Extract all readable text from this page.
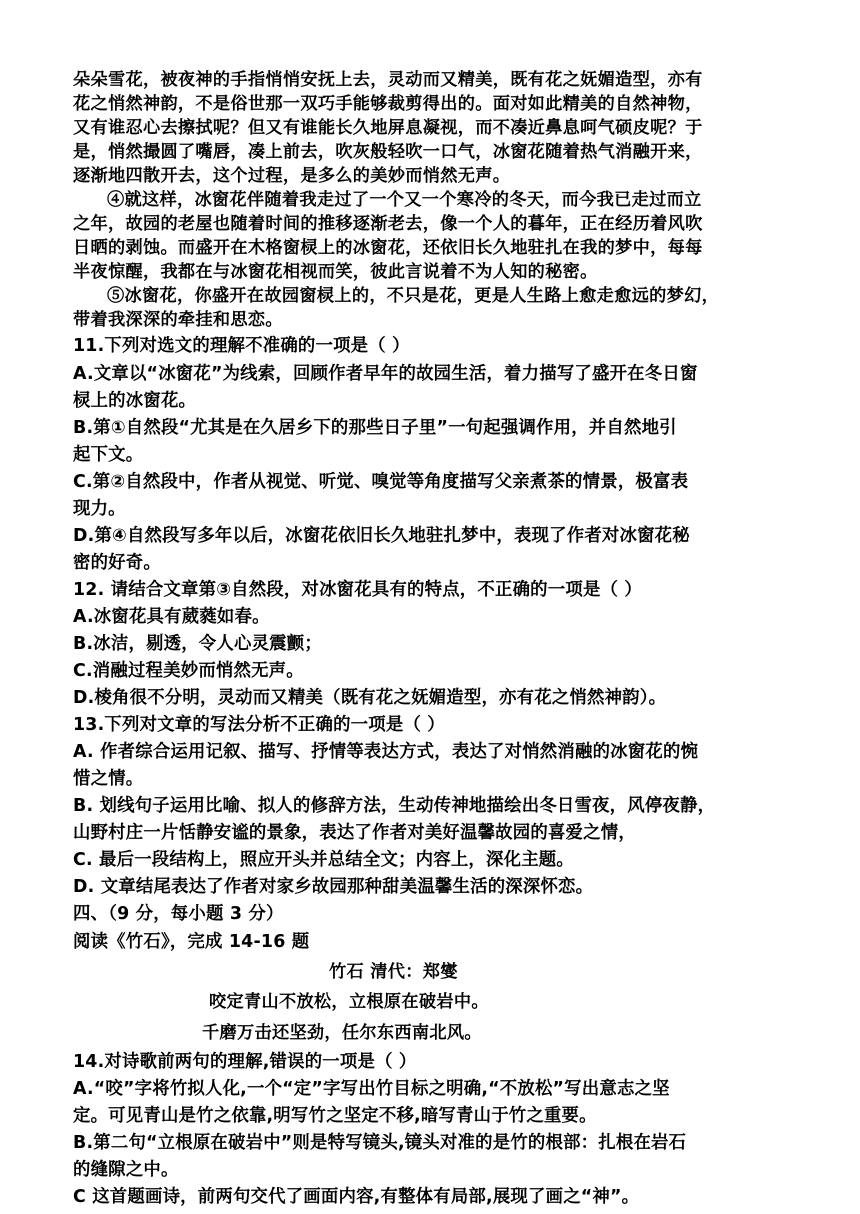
朵朵雪花，被夜神的手指悄悄安抚上去，灵动而又精美，既有花之妩媚造型，亦有
花之悄然神韵，不是俗世那一双巧手能够裁剪得出的。面对如此精美的自然神物，
又有谁忍心去擦拭呢？但又有谁能长久地屏息凝视，而不凑近鼻息呵气硕皮呢？于
是，悄然撮圆了嘴唇，凑上前去，吹灰般轻吹一口气，冰窗花随着热气消融开来，
逐渐地四散开去，这个过程，是多么的美妙而悄然无声。
④就这样，冰窗花伴随着我走过了一个又一个寒冷的冬天，而今我已走过而立
之年，故园的老屋也随着时间的推移逐渐老去，像一个人的暮年，正在经历着风吹
日晒的剥蚀。而盛开在木格窗棂上的冰窗花，还依旧长久地驻扎在我的梦中，每每
半夜惊醒，我都在与冰窗花相视而笑，彼此言说着不为人知的秘密。
⑤冰窗花，你盛开在故园窗棂上的，不只是花，更是人生路上愈走愈远的梦幻，
带着我深深的牵挂和思恋。
11.下列对选文的理解不准确的一项是（ ）
A.文章以“冰窗花”为线索，回顾作者早年的故园生活，着力描写了盛开在冬日窗
棂上的冰窗花。
B.第①自然段“尤其是在久居乡下的那些日子里”一句起强调作用，并自然地引
起下文。
C.第②自然段中，作者从视觉、听觉、嗅觉等角度描写父亲煮茶的情景，极富表
现力。
D.第④自然段写多年以后，冰窗花依旧长久地驻扎梦中，表现了作者对冰窗花秘
密的好奇。
12. 请结合文章第③自然段，对冰窗花具有的特点，不正确的一项是（ ）
A.冰窗花具有葳蕤如春。
B.冰洁，剔透，令人心灵震颤；
C.消融过程美妙而悄然无声。
D.棱角很不分明，灵动而又精美（既有花之妩媚造型，亦有花之悄然神韵）。
13.下列对文章的写法分析不正确的一项是（ ）
A. 作者综合运用记叙、描写、抒情等表达方式，表达了对悄然消融的冰窗花的惋
惜之情。
B. 划线句子运用比喻、拟人的修辞方法，生动传神地描绘出冬日雪夜，风停夜静，
山野村庄一片恬静安谧的景象，表达了作者对美好温馨故园的喜爱之情，
C. 最后一段结构上，照应开头并总结全文；内容上，深化主题。
D. 文章结尾表达了作者对家乡故园那种甜美温馨生活的深深怀恋。
四、（9 分，每小题 3 分）
阅读《竹石》，完成 14-16 题
竹石 清代：郑燮
咬定青山不放松，立根原在破岩中。
千磨万击还坚劲，任尔东西南北风。
14.对诗歌前两句的理解,错误的一项是（ ）
A.“咬”字将竹拟人化,一个“定”字写出竹目标之明确,“不放松”写出意志之坚
定。可见青山是竹之依靠,明写竹之坚定不移,暗写青山于竹之重要。
B.第二句“立根原在破岩中”则是特写镜头,镜头对准的是竹的根部：扎根在岩石
的缝隙之中。
C 这首题画诗，前两句交代了画面内容,有整体有局部,展现了画之“神”。
